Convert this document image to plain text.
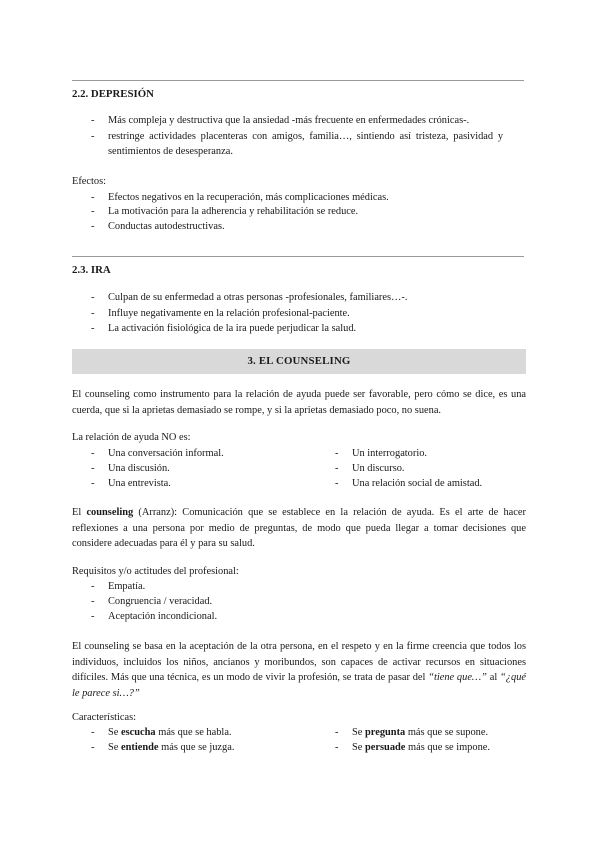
2.2. DEPRESIÓN
- Más compleja y destructiva que la ansiedad -más frecuente en enfermedades crónicas-.
- restringe actividades placenteras con amigos, familia…, sintiendo así tristeza, pasividad y
sentimientos de desesperanza.
Efectos:
- Efectos negativos en la recuperación, más complicaciones médicas.
- La motivación para la adherencia y rehabilitación se reduce.
- Conductas autodestructivas.
2.3. IRA
- Culpan de su enfermedad a otras personas -profesionales, familiares…-.
- Influye negativamente en la relación profesional-paciente.
- La activación fisiológica de la ira puede perjudicar la salud.
3. EL COUNSELING
El counseling como instrumento para la relación de ayuda puede ser favorable, pero cómo se dice, es una cuerda, que si la aprietas demasiado se rompe, y si la aprietas demasiado poco, no suena.
La relación de ayuda NO es:
- Una conversación informal.
- Una discusión.
- Una entrevista.
- Un interrogatorio.
- Un discurso.
- Una relación social de amistad.
El counseling (Arranz): Comunicación que se establece en la relación de ayuda. Es el arte de hacer reflexiones a una persona por medio de preguntas, de modo que pueda llegar a tomar decisiones que considere adecuadas para él y para su salud.
Requisitos y/o actitudes del profesional:
- Empatía.
- Congruencia / veracidad.
- Aceptación incondicional.
El counseling se basa en la aceptación de la otra persona, en el respeto y en la firme creencia que todos los individuos, incluidos los niños, ancianos y moribundos, son capaces de activar recursos en situaciones difíciles. Más que una técnica, es un modo de vivir la profesión, se trata de pasar del “tiene que…” al “¿qué le parece si…?”
Características:
- Se escucha más que se habla.
- Se entiende más que se juzga.
- Se pregunta más que se supone.
- Se persuade más que se impone.
